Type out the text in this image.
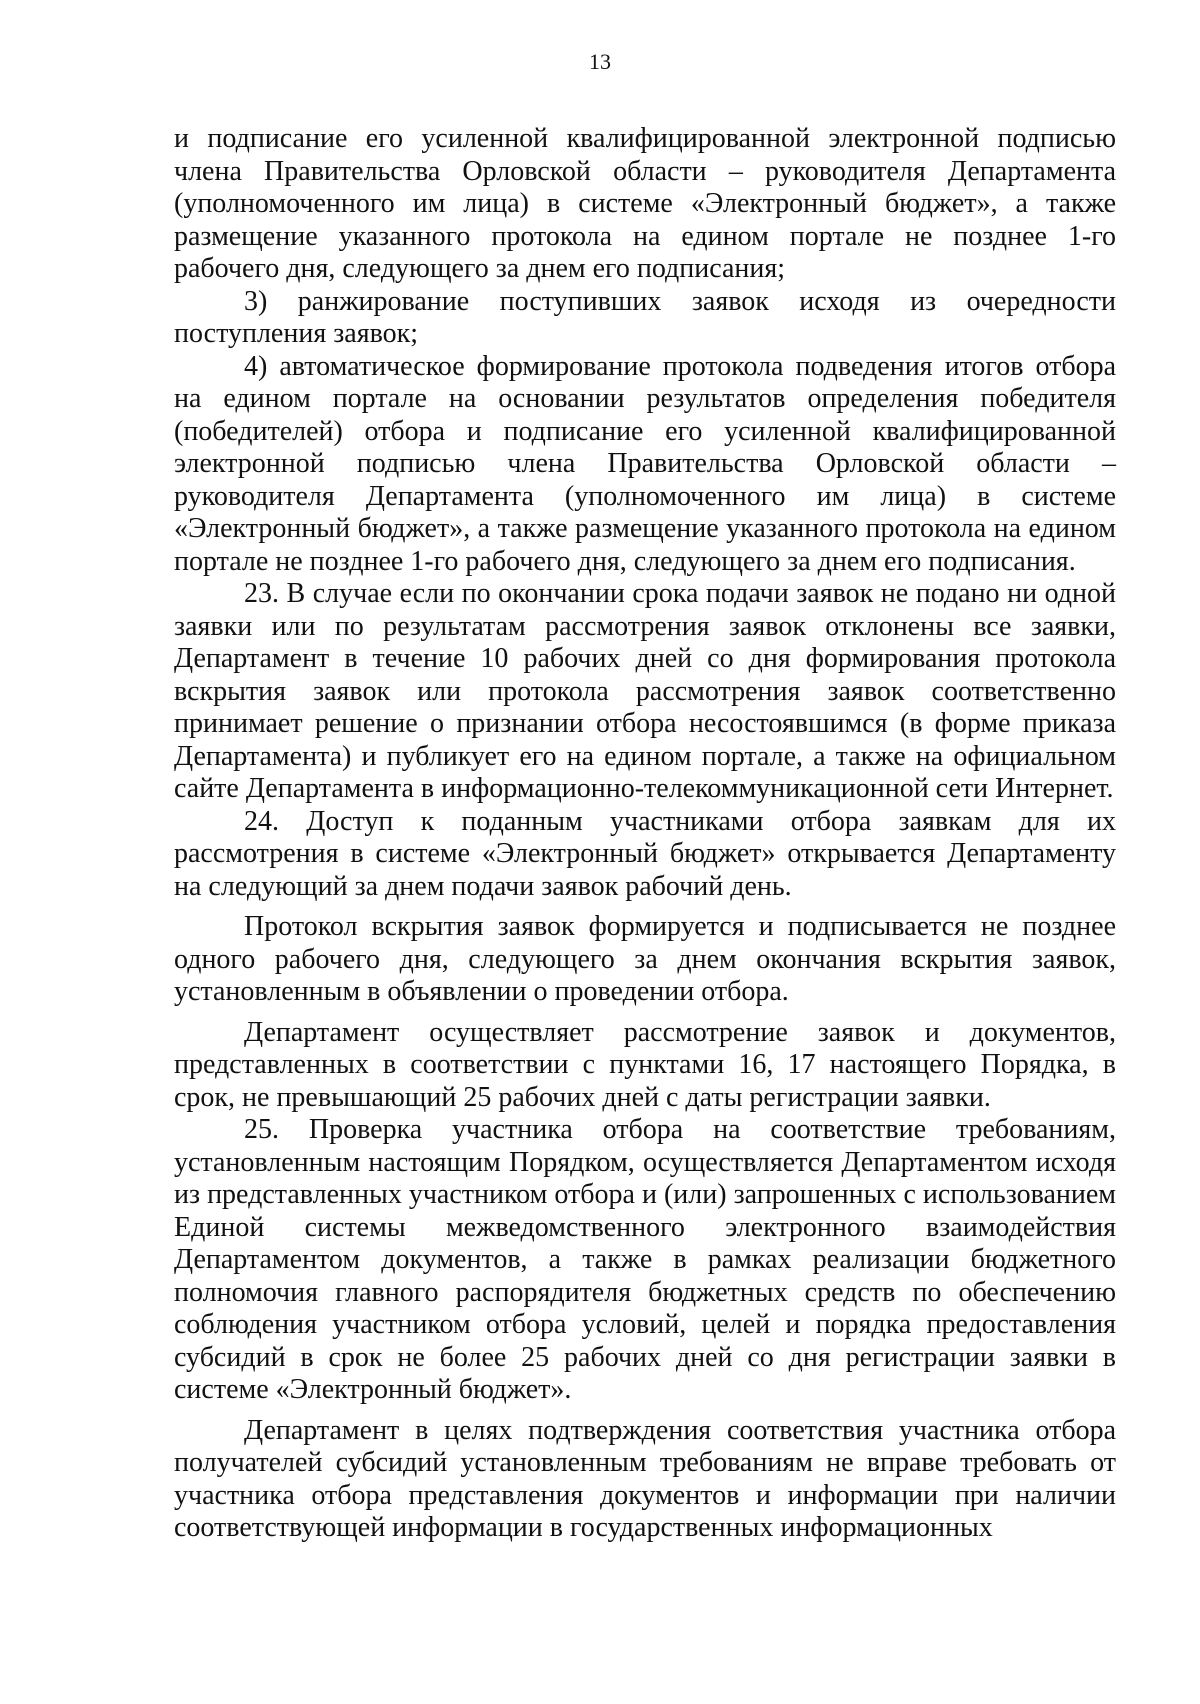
13

и подписание его усиленной квалифицированной электронной подписью члена Правительства Орловской области – руководителя Департамента (уполномоченного им лица) в системе «Электронный бюджет», а также размещение указанного протокола на едином портале не позднее 1-го рабочего дня, следующего за днем его подписания;

3) ранжирование поступивших заявок исходя из очередности поступления заявок;

4) автоматическое формирование протокола подведения итогов отбора на едином портале на основании результатов определения победителя (победителей) отбора и подписание его усиленной квалифицированной электронной подписью члена Правительства Орловской области – руководителя Департамента (уполномоченного им лица) в системе «Электронный бюджет», а также размещение указанного протокола на едином портале не позднее 1-го рабочего дня, следующего за днем его подписания.

23. В случае если по окончании срока подачи заявок не подано ни одной заявки или по результатам рассмотрения заявок отклонены все заявки, Департамент в течение 10 рабочих дней со дня формирования протокола вскрытия заявок или протокола рассмотрения заявок соответственно принимает решение о признании отбора несостоявшимся (в форме приказа Департамента) и публикует его на едином портале, а также на официальном сайте Департамента в информационно-телекоммуникационной сети Интернет.

24. Доступ к поданным участниками отбора заявкам для их рассмотрения в системе «Электронный бюджет» открывается Департаменту на следующий за днем подачи заявок рабочий день.

Протокол вскрытия заявок формируется и подписывается не позднее одного рабочего дня, следующего за днем окончания вскрытия заявок, установленным в объявлении о проведении отбора.

Департамент осуществляет рассмотрение заявок и документов, представленных в соответствии с пунктами 16, 17 настоящего Порядка, в срок, не превышающий 25 рабочих дней с даты регистрации заявки.

25. Проверка участника отбора на соответствие требованиям, установленным настоящим Порядком, осуществляется Департаментом исходя из представленных участником отбора и (или) запрошенных с использованием Единой системы межведомственного электронного взаимодействия Департаментом документов, а также в рамках реализации бюджетного полномочия главного распорядителя бюджетных средств по обеспечению соблюдения участником отбора условий, целей и порядка предоставления субсидий в срок не более 25 рабочих дней со дня регистрации заявки в системе «Электронный бюджет».

Департамент в целях подтверждения соответствия участника отбора получателей субсидий установленным требованиям не вправе требовать от участника отбора представления документов и информации при наличии соответствующей информации в государственных информационных
